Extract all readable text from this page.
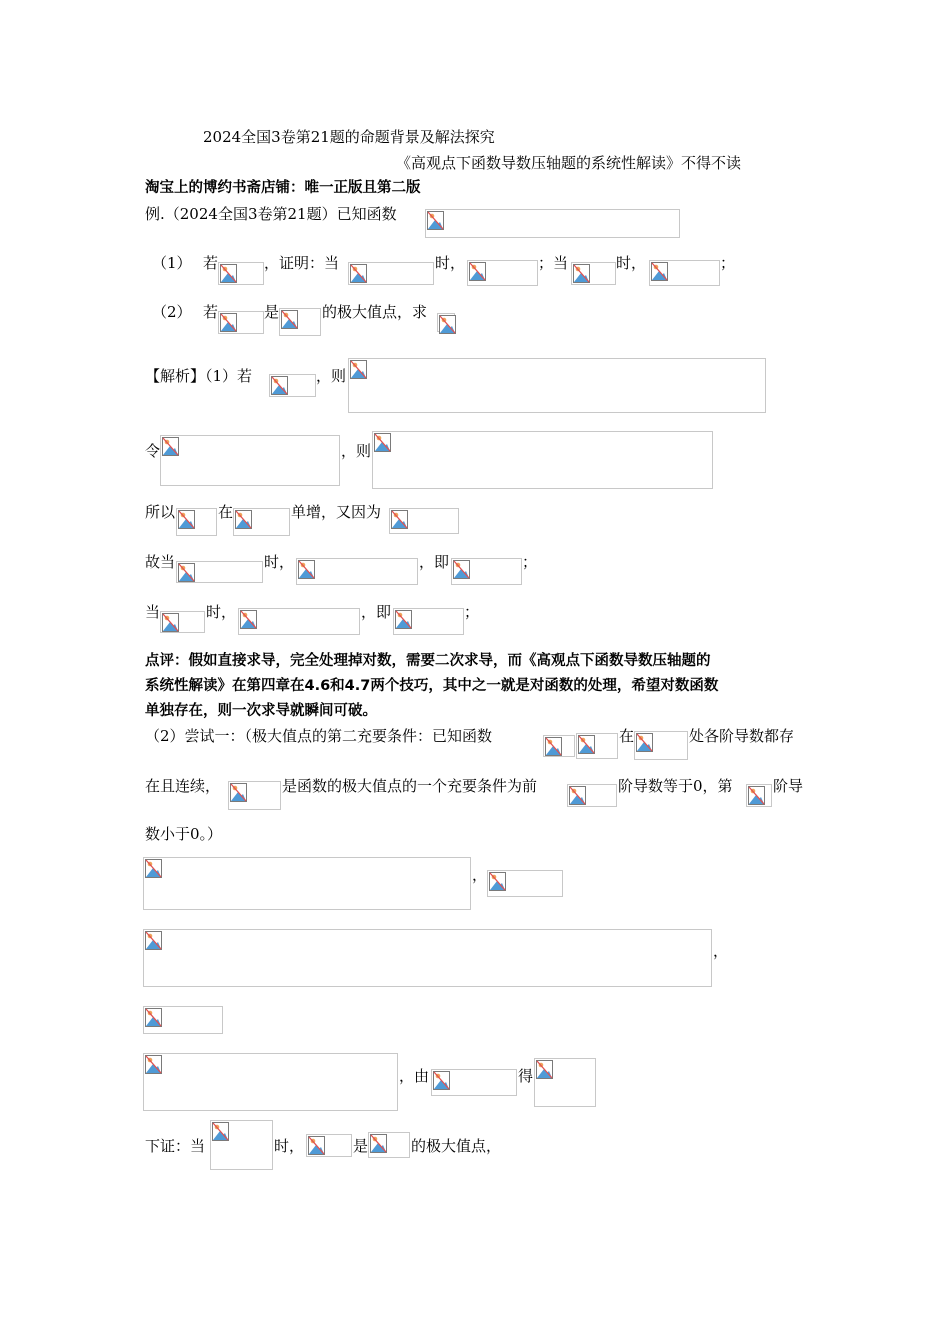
2024全国3卷第21题的命题背景及解法探究
《高观点下函数导数压轴题的系统性解读》不得不读
淘宝上的博约书斋店铺：唯一正版且第二版
例.（2024全国3卷第21题）已知函数
（1） 若	，证明：当	时，	；当	时，	；
（2） 若	是	的极大值点，求
【解析】（1）若	，则
令	，则
所以	在	单增，又因为
故当	时，	，即	；
当	时，	，即	；
点评：假如直接求导，完全处理掉对数，需要二次求导，而《高观点下函数导数压轴题的
系统性解读》在第四章在4.6和4.7两个技巧，其中之一就是对函数的处理，希望对数函数
单独存在，则一次求导就瞬间可破。
（2）尝试一：（极大值点的第二充要条件：已知函数	在	处各阶导数都存
在且连续，	是函数的极大值点的一个充要条件为前	阶导数等于0，第	阶导
数小于0。）
，
，
，由	得
下证：当	时，	是	的极大值点，
